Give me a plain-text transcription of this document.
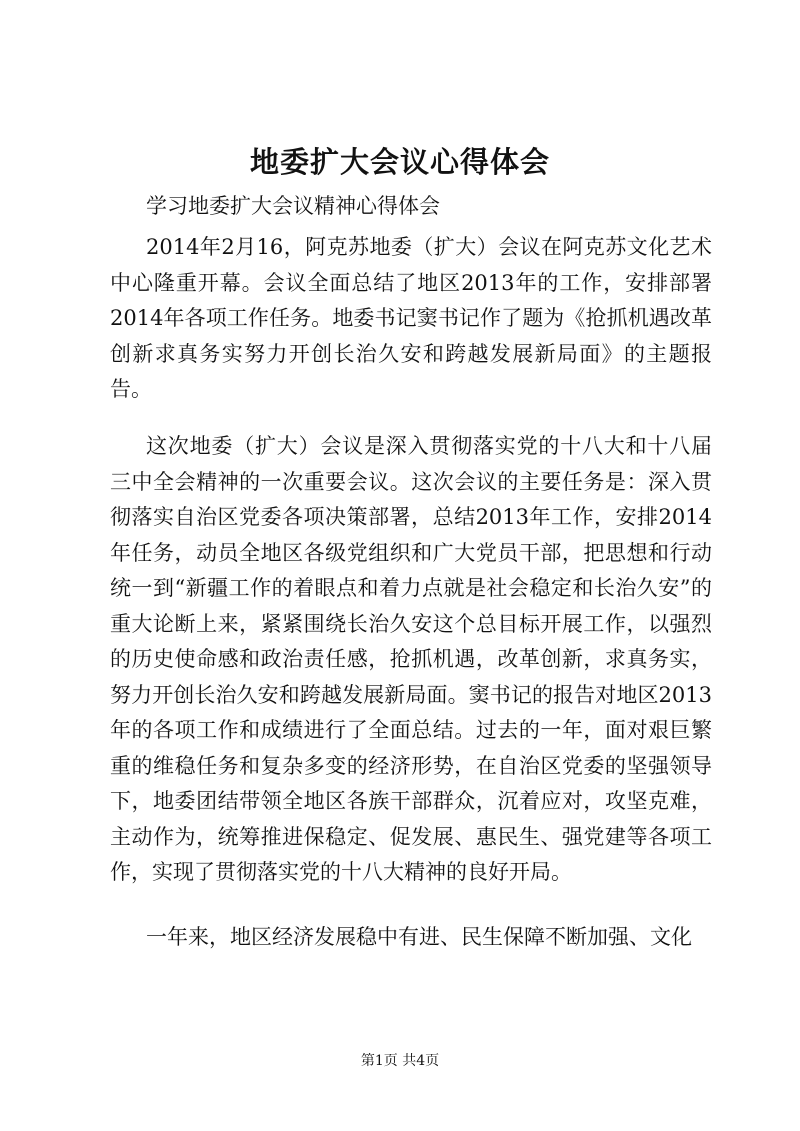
地委扩大会议心得体会

学习地委扩大会议精神心得体会

2014年2月16，阿克苏地委（扩大）会议在阿克苏文化艺术中心隆重开幕。会议全面总结了地区2013年的工作，安排部署2014年各项工作任务。地委书记窦书记作了题为《抢抓机遇改革创新求真务实努力开创长治久安和跨越发展新局面》的主题报告。

这次地委（扩大）会议是深入贯彻落实党的十八大和十八届三中全会精神的一次重要会议。这次会议的主要任务是：深入贯彻落实自治区党委各项决策部署，总结2013年工作，安排2014年任务，动员全地区各级党组织和广大党员干部，把思想和行动统一到“新疆工作的着眼点和着力点就是社会稳定和长治久安”的重大论断上来，紧紧围绕长治久安这个总目标开展工作，以强烈的历史使命感和政治责任感，抢抓机遇，改革创新，求真务实，努力开创长治久安和跨越发展新局面。窦书记的报告对地区2013年的各项工作和成绩进行了全面总结。过去的一年，面对艰巨繁重的维稳任务和复杂多变的经济形势，在自治区党委的坚强领导下，地委团结带领全地区各族干部群众，沉着应对，攻坚克难，主动作为，统筹推进保稳定、促发展、惠民生、强党建等各项工作，实现了贯彻落实党的十八大精神的良好开局。

一年来，地区经济发展稳中有进、民生保障不断加强、文化

第1页 共4页
